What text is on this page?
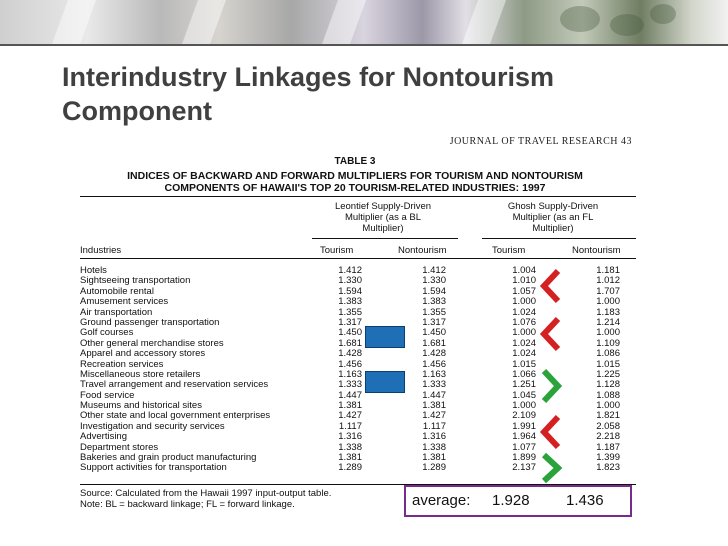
Interindustry Linkages for Nontourism Component
JOURNAL OF TRAVEL RESEARCH 43
TABLE 3
INDICES OF BACKWARD AND FORWARD MULTIPLIERS FOR TOURISM AND NONTOURISM
COMPONENTS OF HAWAII'S TOP 20 TOURISM-RELATED INDUSTRIES: 1997
Leontief Supply-Driven
Multiplier (as a BL
Multiplier)
Ghosh Supply-Driven
Multiplier (as an FL
Multiplier)
Industries	Tourism	Nontourism	Tourism	Nontourism
Hotels	1.412	1.412	1.004	1.181
Sightseeing transportation	1.330	1.330	1.010	1.012
Automobile rental	1.594	1.594	1.057	1.707
Amusement services	1.383	1.383	1.000	1.000
Air transportation	1.355	1.355	1.024	1.183
Ground passenger transportation	1.317	1.317	1.076	1.214
Golf courses	1.450	1.450	1.000	1.000
Other general merchandise stores	1.681	1.681	1.024	1.109
Apparel and accessory stores	1.428	1.428	1.024	1.086
Recreation services	1.456	1.456	1.015	1.015
Miscellaneous store retailers	1.163	1.163	1.066	1.225
Travel arrangement and reservation services	1.333	1.333	1.251	1.128
Food service	1.447	1.447	1.045	1.088
Museums and historical sites	1.381	1.381	1.000	1.000
Other state and local government enterprises	1.427	1.427	2.109	1.821
Investigation and security services	1.117	1.117	1.991	2.058
Advertising	1.316	1.316	1.964	2.218
Department stores	1.338	1.338	1.077	1.187
Bakeries and grain product manufacturing	1.381	1.381	1.899	1.399
Support activities for transportation	1.289	1.289	2.137	1.823
Source: Calculated from the Hawaii 1997 input-output table.
Note: BL = backward linkage; FL = forward linkage.	average: 1.928 1.436
